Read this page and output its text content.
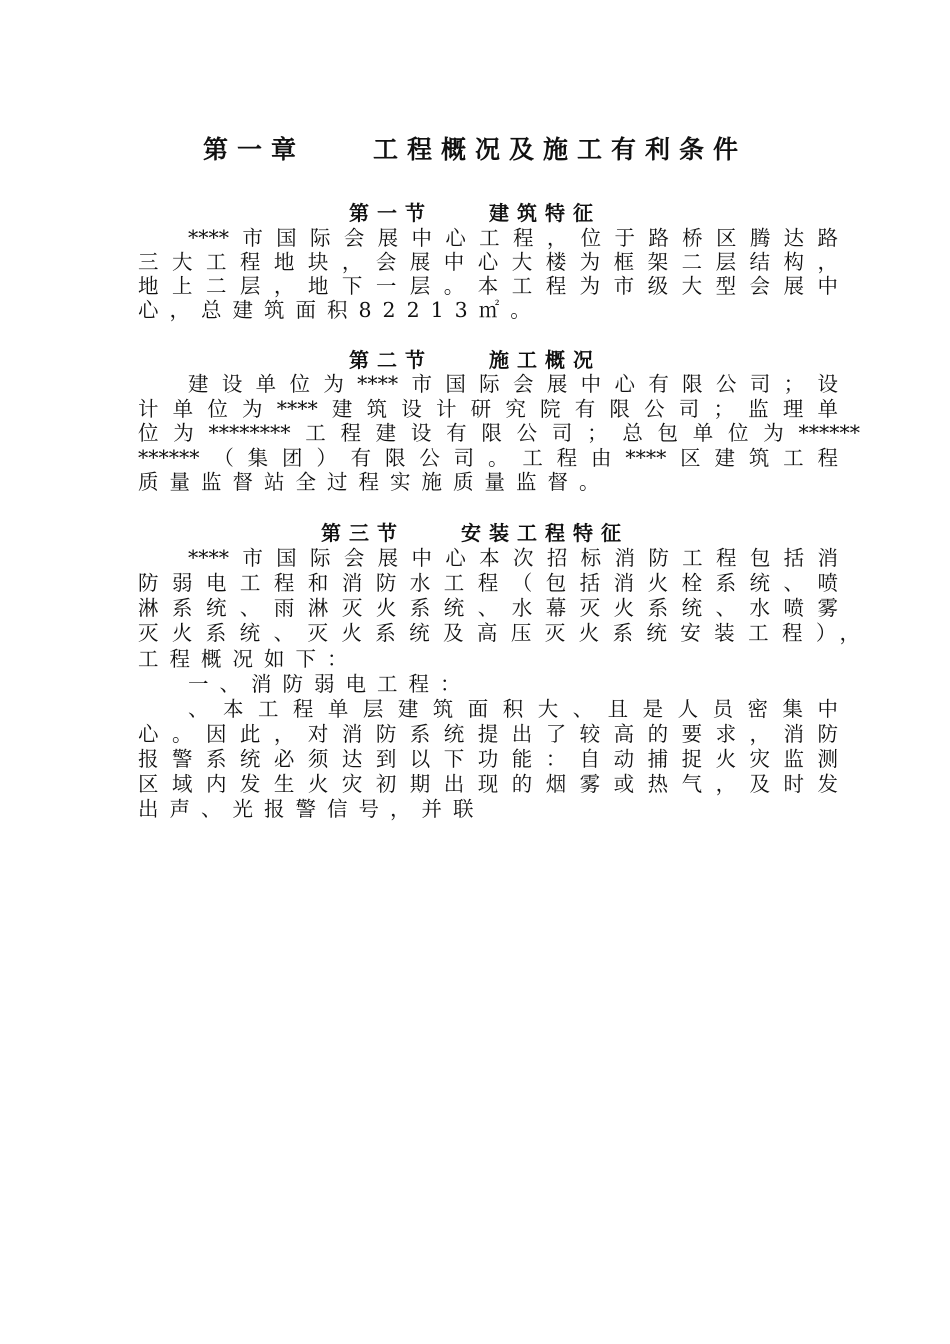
第一章　　工程概况及施工有利条件
第一节　　建筑特征
****市国际会展中心工程，位于路桥区腾达路
三大工程地块，会展中心大楼为框架二层结构，
地上二层，地下一层。本工程为市级大型会展中
心，总建筑面积82213㎡。
第二节　　施工概况
建设单位为****市国际会展中心有限公司；设
计单位为****建筑设计研究院有限公司；监理单
位为********工程建设有限公司；总包单位为******
******（集团）有限公司。工程由****区建筑工程
质量监督站全过程实施质量监督。
第三节　　安装工程特征
****市国际会展中心本次招标消防工程包括消
防弱电工程和消防水工程（包括消火栓系统、喷
淋系统、雨淋灭火系统、水幕灭火系统、水喷雾
灭火系统、灭火系统及高压灭火系统安装工程），
工程概况如下：
一、消防弱电工程：
、本工程单层建筑面积大、且是人员密集中
心。因此，对消防系统提出了较高的要求，消防
报警系统必须达到以下功能：自动捕捉火灾监测
区域内发生火灾初期出现的烟雾或热气，及时发
出声、光报警信号，并联
